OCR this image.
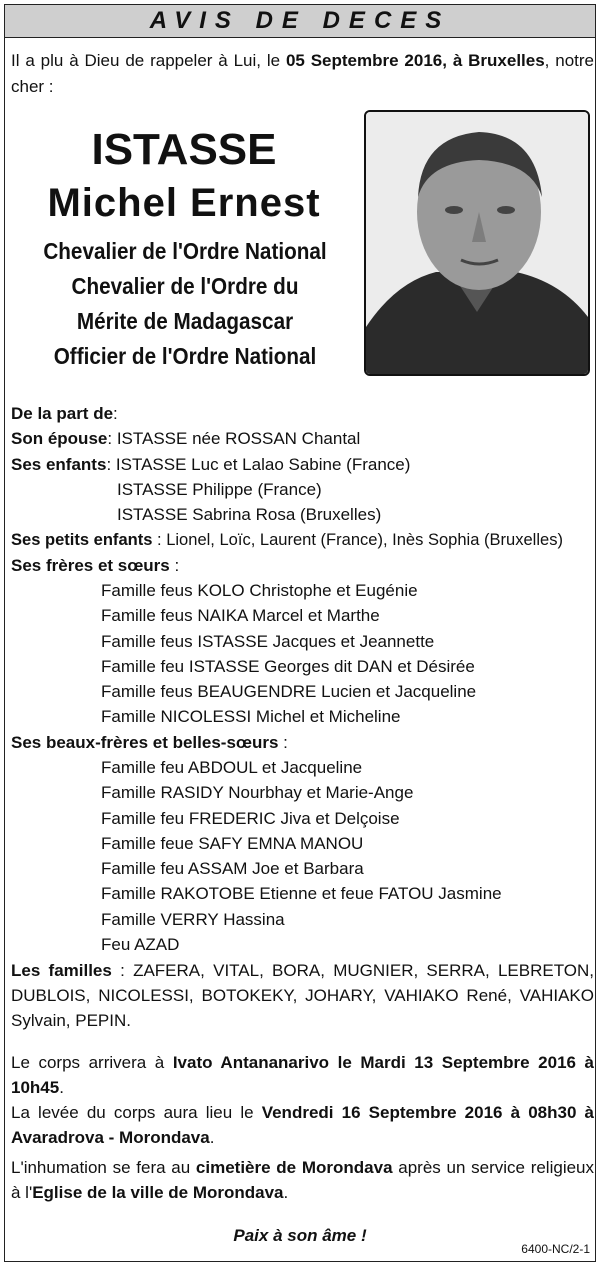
AVIS DE DECES
Il a plu à Dieu de rappeler à Lui, le 05 Septembre 2016, à Bruxelles, notre cher :
ISTASSE
Michel Ernest
Chevalier de l'Ordre National
Chevalier de l'Ordre du
Mérite de Madagascar
Officier de l'Ordre National
De la part de:
Son épouse: ISTASSE née ROSSAN Chantal
Ses enfants: ISTASSE Luc et Lalao Sabine (France)
ISTASSE Philippe (France)
ISTASSE Sabrina Rosa (Bruxelles)
Ses petits enfants : Lionel, Loïc, Laurent (France), Inès Sophia (Bruxelles)
Ses frères et sœurs :
Famille feus KOLO Christophe et Eugénie
Famille feus NAIKA Marcel et Marthe
Famille feus ISTASSE Jacques et Jeannette
Famille feu ISTASSE Georges dit DAN et Désirée
Famille feus BEAUGENDRE Lucien et Jacqueline
Famille NICOLESSI Michel et Micheline
Ses beaux-frères et belles-sœurs :
Famille feu ABDOUL et Jacqueline
Famille RASIDY Nourbhay et Marie-Ange
Famille feu FREDERIC Jiva et Delçoise
Famille feue SAFY EMNA MANOU
Famille feu ASSAM Joe et Barbara
Famille RAKOTOBE Etienne et feue FATOU Jasmine
Famille VERRY Hassina
Feu AZAD
Les familles : ZAFERA, VITAL, BORA, MUGNIER, SERRA, LEBRETON, DUBLOIS, NICOLESSI, BOTOKEKY, JOHARY, VAHIAKO René, VAHIAKO Sylvain, PEPIN.
Le corps arrivera à Ivato Antananarivo le Mardi 13 Septembre 2016 à 10h45.
La levée du corps aura lieu le Vendredi 16 Septembre 2016 à 08h30 à Avaradrova - Morondava.
L'inhumation se fera au cimetière de Morondava après un service religieux à l'Eglise de la ville de Morondava.
Paix à son âme !
6400-NC/2-1
